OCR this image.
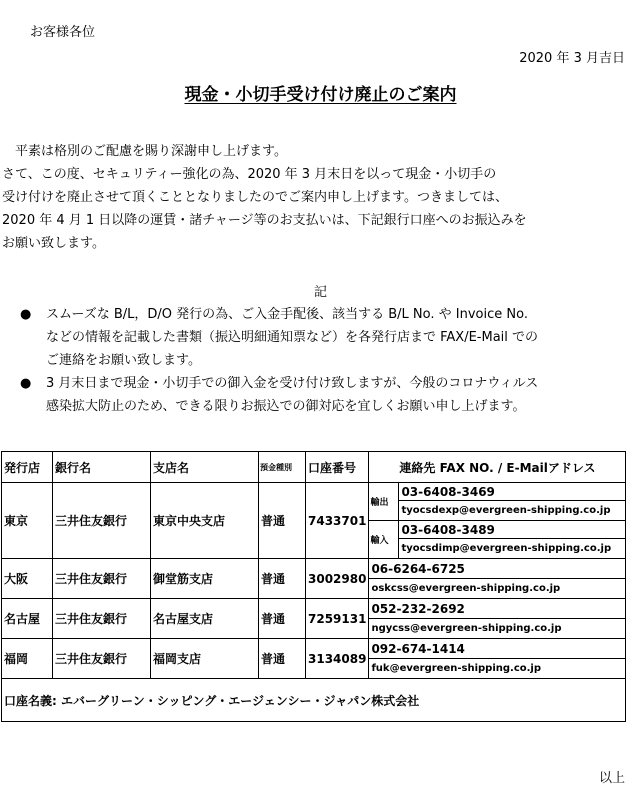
お客様各位
2020 年 3 月吉日
現金・小切手受け付け廃止のご案内

　平素は格別のご配慮を賜り深謝申し上げます。

さて、この度、セキュリティー強化の為、2020 年 3 月末日を以って現金・小切手の

受け付けを廃止させて頂くこととなりましたのでご案内申し上げます。つきましては、

2020 年 4 月 1 日以降の運賃・諸チャージ等のお支払いは、下記銀行口座へのお振込みを

お願い致します。

記
●	スムーズな B/L，D/O 発行の為、ご入金手配後、該当する B/L No. や Invoice No.

などの情報を記載した書類（振込明細通知票など）を各発行店まで FAX/E-Mail での

ご連絡をお願い致します。

●	3 月末日まで現金・小切手での御入金を受け付け致しますが、今般のコロナウィルス

感染拡大防止のため、できる限りお振込での御対応を宜しくお願い申し上げます。

発行店	銀行名	支店名	預金種別	口座番号	連絡先 FAX NO. / E-Mailアドレス	
東京	三井住友銀行	東京中央支店	普通	7433701	輸出	03-6408-3469
						tyocsdexp@evergreen-shipping.co.jp
					輸入	03-6408-3489
						tyocsdimp@evergreen-shipping.co.jp
大阪	三井住友銀行	御堂筋支店	普通	3002980	06-6264-6725	
					oskcss@evergreen-shipping.co.jp	
名古屋	三井住友銀行	名古屋支店	普通	7259131	052-232-2692	
					ngycss@evergreen-shipping.co.jp	
福岡	三井住友銀行	福岡支店	普通	3134089	092-674-1414	
					fuk@evergreen-shipping.co.jp	
口座名義: エバーグリーン・シッピング・エージェンシー・ジャパン株式会社						
以上
